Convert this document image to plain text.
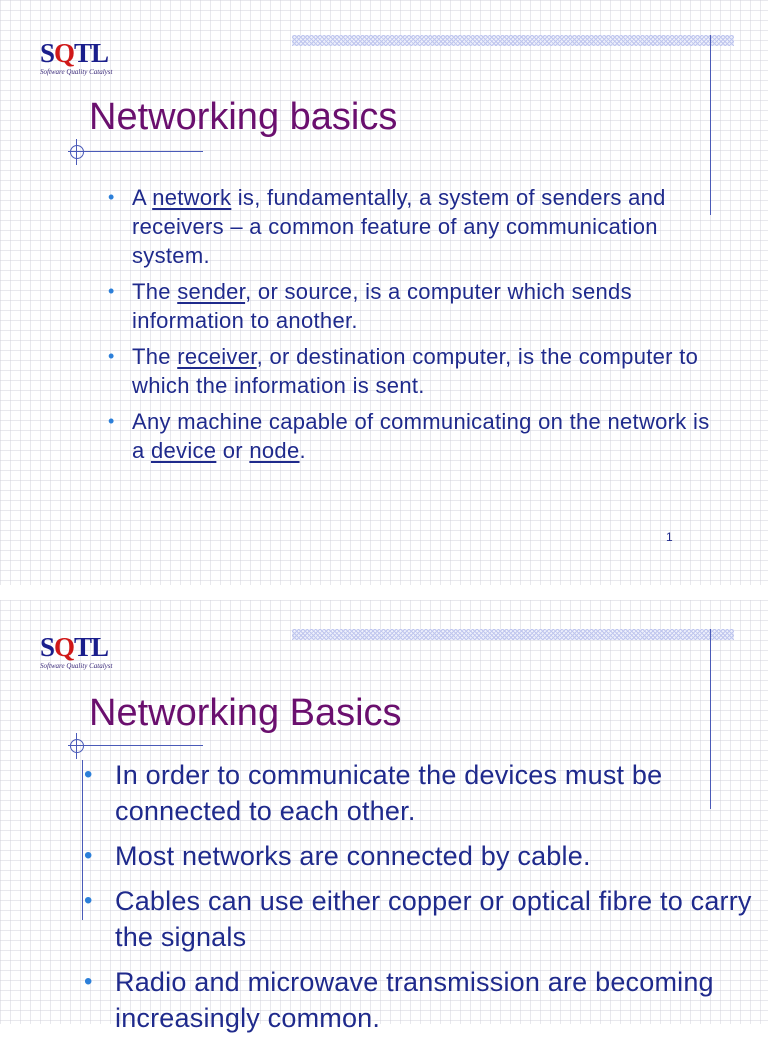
SQTL
Software Quality Catalyst
Networking basics
• A network is, fundamentally, a system of senders and receivers – a common feature of any communication system.
• The sender, or source, is a computer which sends information to another.
• The receiver, or destination computer, is the computer to which the information is sent.
• Any machine capable of communicating on the network is a device or node.
1
SQTL
Software Quality Catalyst
Networking Basics
• In order to communicate the devices must be connected to each other.
• Most networks are connected by cable.
• Cables can use either copper or optical fibre to carry the signals
• Radio and microwave transmission are becoming increasingly common.
